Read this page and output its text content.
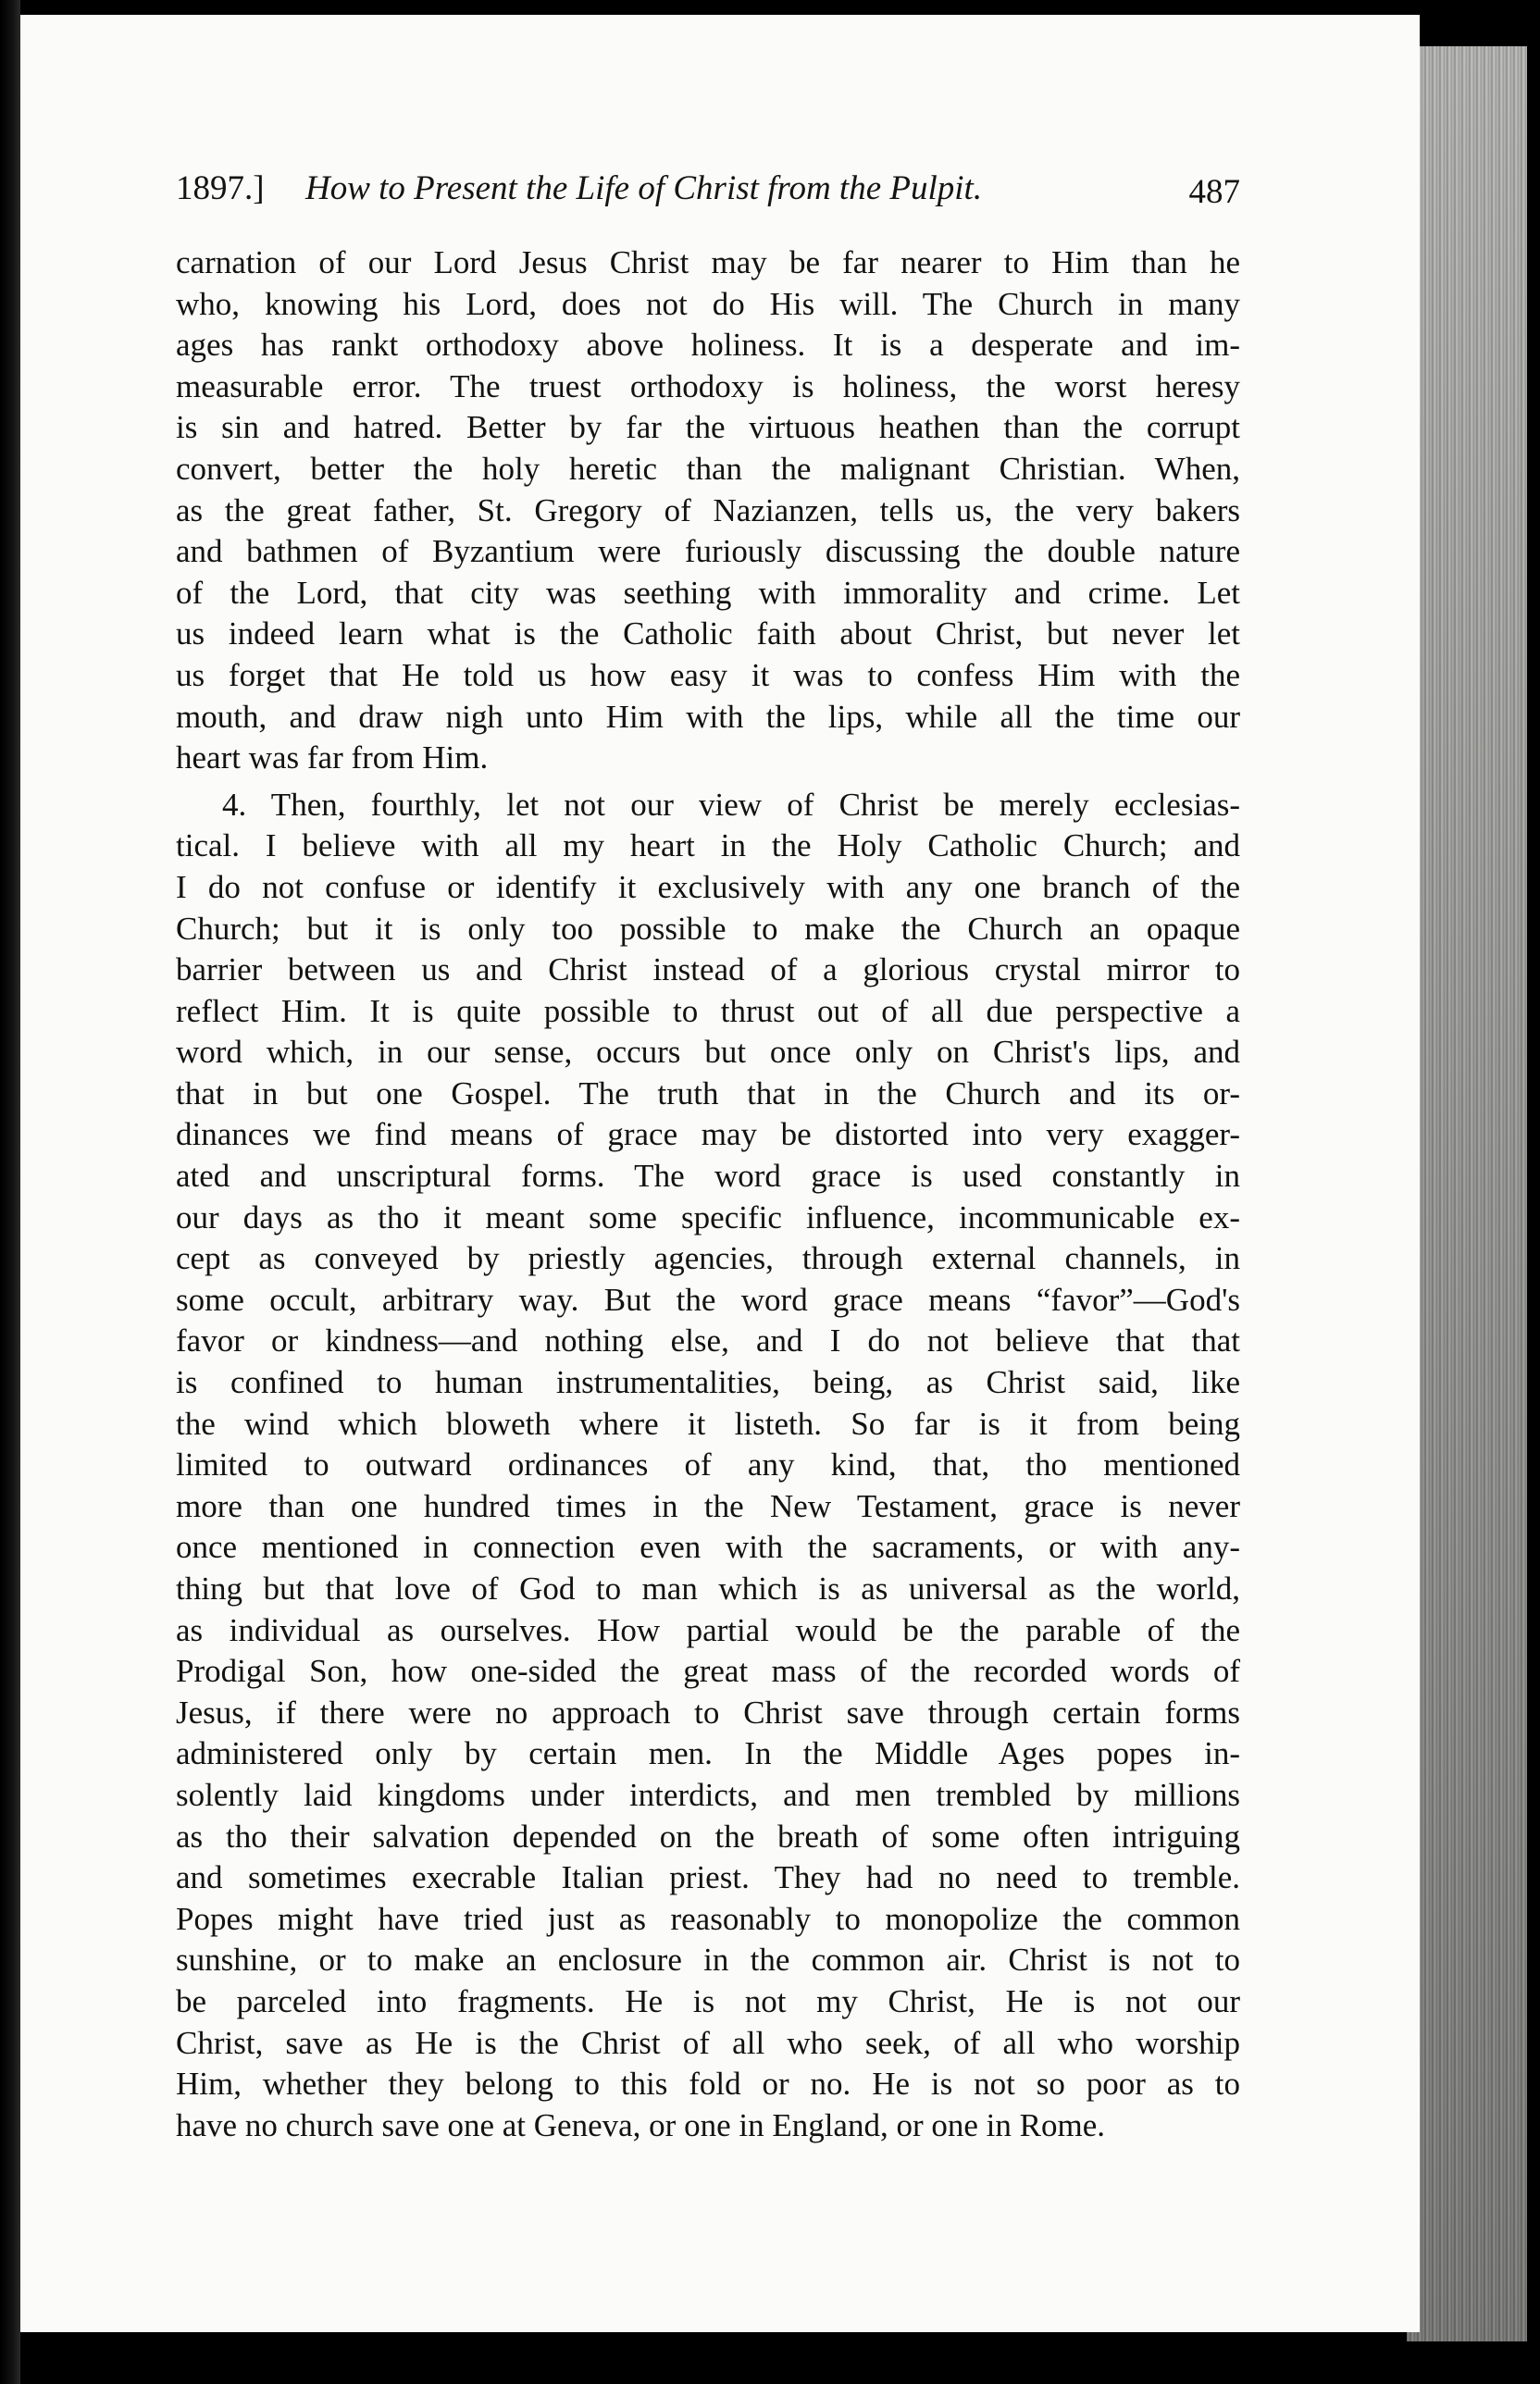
1897.] How to Present the Life of Christ from the Pulpit.	487
carnation of our Lord Jesus Christ may be far nearer to Him than he
who, knowing his Lord, does not do His will. The Church in many
ages has rankt orthodoxy above holiness. It is a desperate and im-
measurable error. The truest orthodoxy is holiness, the worst heresy
is sin and hatred. Better by far the virtuous heathen than the corrupt
convert, better the holy heretic than the malignant Christian. When,
as the great father, St. Gregory of Nazianzen, tells us, the very bakers
and bathmen of Byzantium were furiously discussing the double nature
of the Lord, that city was seething with immorality and crime. Let
us indeed learn what is the Catholic faith about Christ, but never let
us forget that He told us how easy it was to confess Him with the
mouth, and draw nigh unto Him with the lips, while all the time our
heart was far from Him.
4. Then, fourthly, let not our view of Christ be merely ecclesias-
tical. I believe with all my heart in the Holy Catholic Church; and
I do not confuse or identify it exclusively with any one branch of the
Church; but it is only too possible to make the Church an opaque
barrier between us and Christ instead of a glorious crystal mirror to
reflect Him. It is quite possible to thrust out of all due perspective a
word which, in our sense, occurs but once only on Christ's lips, and
that in but one Gospel. The truth that in the Church and its or-
dinances we find means of grace may be distorted into very exagger-
ated and unscriptural forms. The word grace is used constantly in
our days as tho it meant some specific influence, incommunicable ex-
cept as conveyed by priestly agencies, through external channels, in
some occult, arbitrary way. But the word grace means “favor”—God's
favor or kindness—and nothing else, and I do not believe that that
is confined to human instrumentalities, being, as Christ said, like
the wind which bloweth where it listeth. So far is it from being
limited to outward ordinances of any kind, that, tho mentioned
more than one hundred times in the New Testament, grace is never
once mentioned in connection even with the sacraments, or with any-
thing but that love of God to man which is as universal as the world,
as individual as ourselves. How partial would be the parable of the
Prodigal Son, how one-sided the great mass of the recorded words of
Jesus, if there were no approach to Christ save through certain forms
administered only by certain men. In the Middle Ages popes in-
solently laid kingdoms under interdicts, and men trembled by millions
as tho their salvation depended on the breath of some often intriguing
and sometimes execrable Italian priest. They had no need to tremble.
Popes might have tried just as reasonably to monopolize the common
sunshine, or to make an enclosure in the common air. Christ is not to
be parceled into fragments. He is not my Christ, He is not our
Christ, save as He is the Christ of all who seek, of all who worship
Him, whether they belong to this fold or no. He is not so poor as to
have no church save one at Geneva, or one in England, or one in Rome.
